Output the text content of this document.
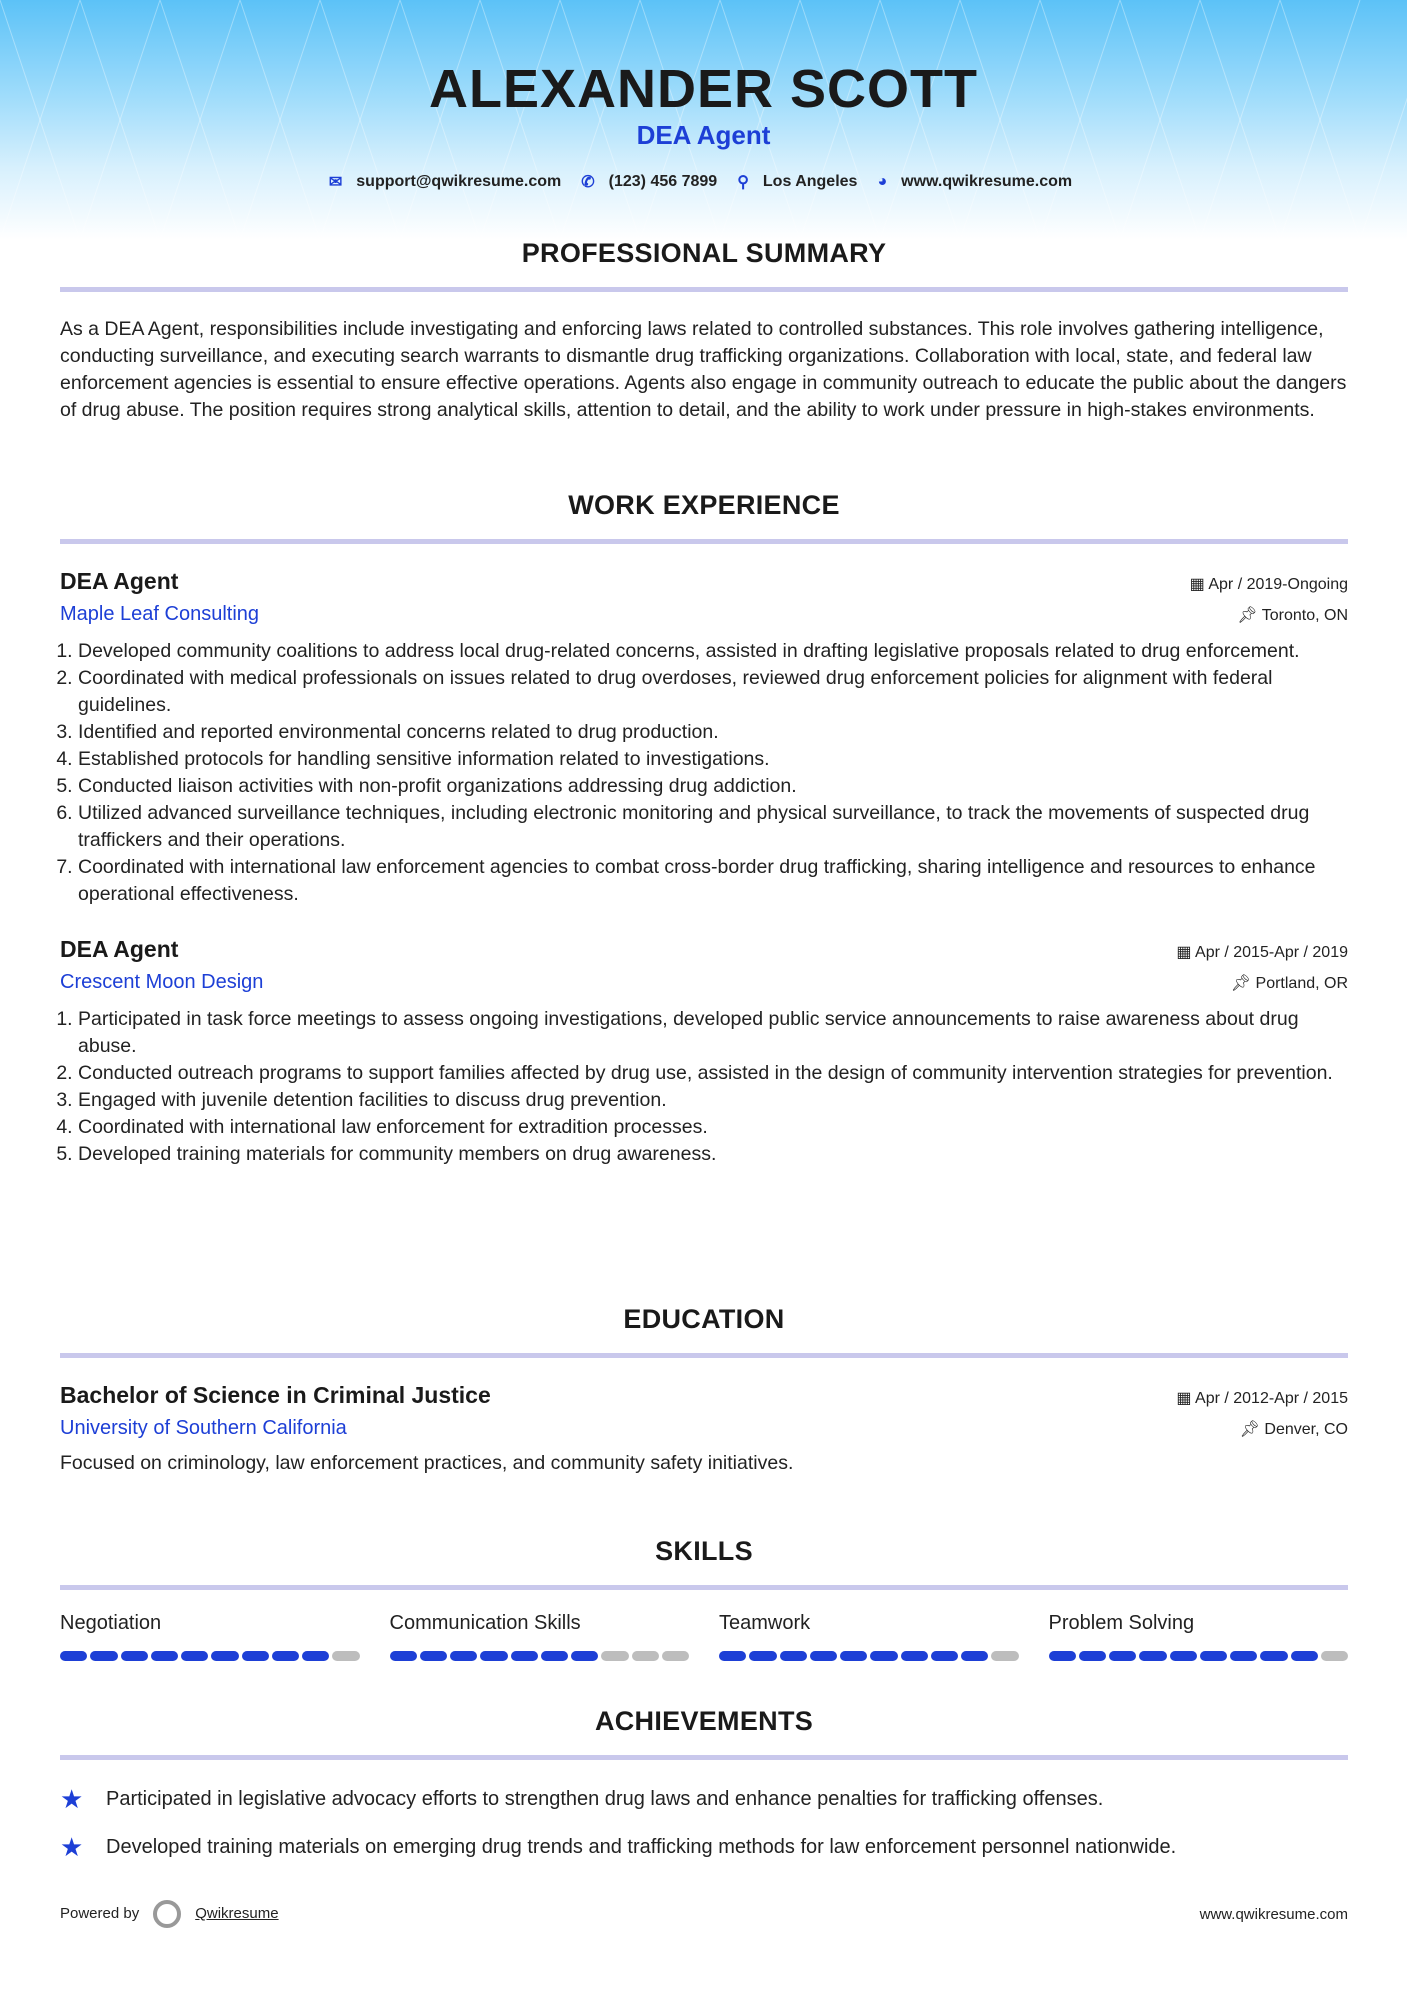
ALEXANDER SCOTT
DEA Agent
✉ support@qwikresume.com ✆ (123) 456 7899 ⚲ Los Angeles ◕ www.qwikresume.com
PROFESSIONAL SUMMARY

As a DEA Agent, responsibilities include investigating and enforcing laws related to controlled substances. This role involves gathering intelligence, conducting surveillance, and executing search warrants to dismantle drug trafficking organizations. Collaboration with local, state, and federal law enforcement agencies is essential to ensure effective operations. Agents also engage in community outreach to educate the public about the dangers of drug abuse. The position requires strong analytical skills, attention to detail, and the ability to work under pressure in high-stakes environments.

WORK EXPERIENCE
DEA Agent	▦ Apr / 2019-Ongoing
Maple Leaf Consulting	📌︎ Toronto, ON
1. Developed community coalitions to address local drug-related concerns, assisted in drafting legislative proposals related to drug enforcement.
2. Coordinated with medical professionals on issues related to drug overdoses, reviewed drug enforcement policies for alignment with federal guidelines.
3. Identified and reported environmental concerns related to drug production.
4. Established protocols for handling sensitive information related to investigations.
5. Conducted liaison activities with non-profit organizations addressing drug addiction.
6. Utilized advanced surveillance techniques, including electronic monitoring and physical surveillance, to track the movements of suspected drug traffickers and their operations.
7. Coordinated with international law enforcement agencies to combat cross-border drug trafficking, sharing intelligence and resources to enhance operational effectiveness.
DEA Agent	▦ Apr / 2015-Apr / 2019
Crescent Moon Design	📌︎ Portland, OR
1. Participated in task force meetings to assess ongoing investigations, developed public service announcements to raise awareness about drug abuse.
2. Conducted outreach programs to support families affected by drug use, assisted in the design of community intervention strategies for prevention.
3. Engaged with juvenile detention facilities to discuss drug prevention.
4. Coordinated with international law enforcement for extradition processes.
5. Developed training materials for community members on drug awareness.
EDUCATION
Bachelor of Science in Criminal Justice	▦ Apr / 2012-Apr / 2015
University of Southern California	📌︎ Denver, CO

Focused on criminology, law enforcement practices, and community safety initiatives.

SKILLS
Negotiation	Communication Skills	Teamwork	Problem Solving
ACHIEVEMENTS
★	Participated in legislative advocacy efforts to strengthen drug laws and enhance penalties for trafficking offenses.
★	Developed training materials on emerging drug trends and trafficking methods for law enforcement personnel nationwide.
Powered by	Qwikresume	www.qwikresume.com
